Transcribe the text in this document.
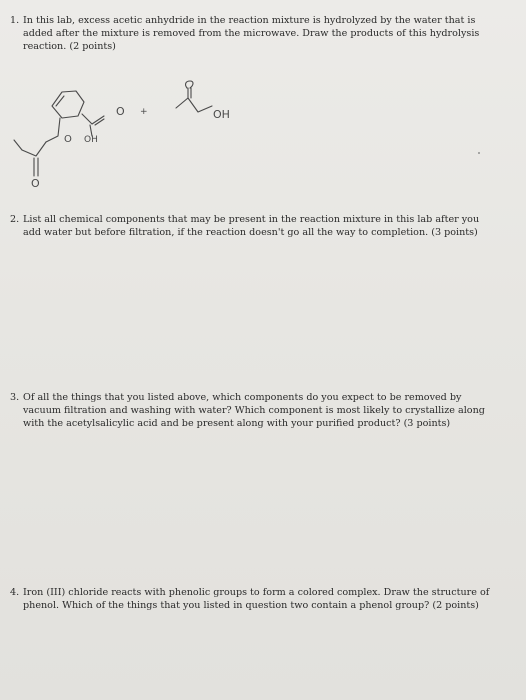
1. In this lab, excess acetic anhydride in the reaction mixture is hydrolyzed by the water that is added after the mixture is removed from the microwave. Draw the products of this hydrolysis reaction. (2 points)
O +	OH
O OH
O
2. List all chemical components that may be present in the reaction mixture in this lab after you add water but before filtration, if the reaction doesn't go all the way to completion. (3 points)
3. Of all the things that you listed above, which components do you expect to be removed by vacuum filtration and washing with water? Which component is most likely to crystallize along with the acetylsalicylic acid and be present along with your purified product? (3 points)
4. Iron (III) chloride reacts with phenolic groups to form a colored complex. Draw the structure of phenol. Which of the things that you listed in question two contain a phenol group? (2 points)
